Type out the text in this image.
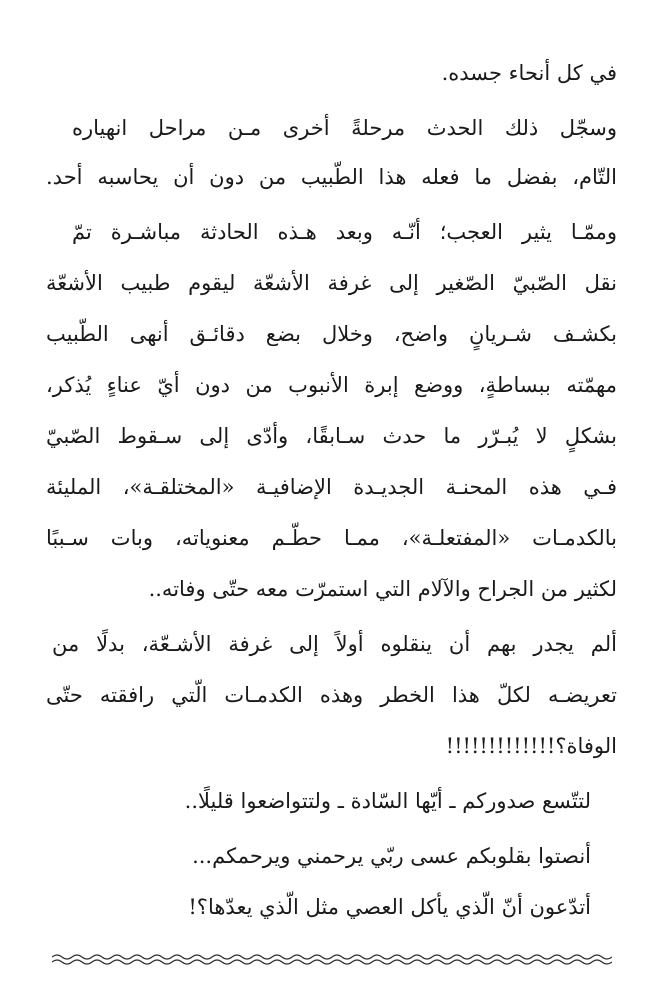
في كل أنحاء جسده.
وسجّل ذلك الحدث مرحلةً أخرى مـن مراحل انهياره
التّام، بفضل ما فعله هذا الطّبيب من دون أن يحاسبه أحد.
وممّـا يثير العجب؛ أنّـه وبعد هـذه الحادثة مباشـرة تمّ
نقل الصّبيّ الصّغير إلى غرفة الأشعّة ليقوم طبيب الأشعّة
بكشـف شـريانٍ واضح، وخلال بضع دقائـق أنهى الطّبيب
مهمّته ببساطةٍ، ووضع إبرة الأنبوب من دون أيّ عناءٍ يُذكر،
بشكلٍ لا يُبـرّر ما حدث سـابقًا، وأدّى إلى سـقوط الصّبيّ
فـي هذه المحنـة الجديـدة الإضافيـة «المختلقـة»، المليئة
بالكدمـات «المفتعلـة»، ممـا حطّـم معنوياته، وبات سـببًا
لكثير من الجراح والآلام التي استمرّت معه حتّى وفاته..
ألم يجدر بهم أن ينقلوه أولاً إلى غرفة الأشـعّة، بدلًا من
تعريضـه لكلّ هذا الخطر وهذه الكدمـات الّتي رافقته حتّى
الوفاة؟!!!!!!!!!!!!!
لتتّسع صدوركم ـ أيّها السّادة ـ ولتتواضعوا قليلًا..
أنصتوا بقلوبكم عسى ربّي يرحمني ويرحمكم...
أتدّعون أنّ الّذي يأكل العصي مثل الّذي يعدّها؟!
